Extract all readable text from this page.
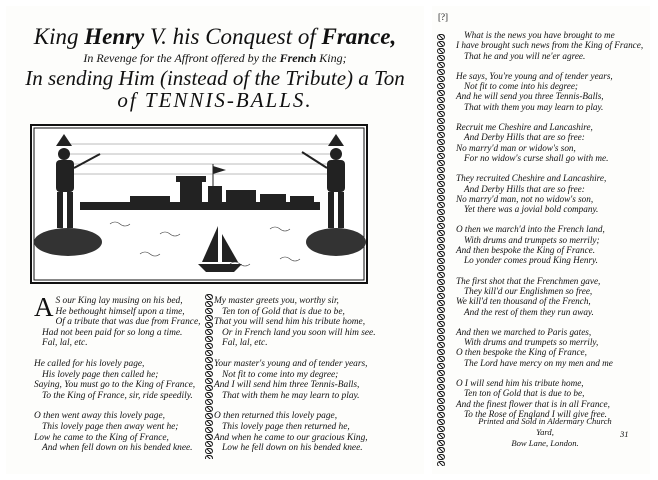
King Henry V. his Conquest of France,
In Revenge for the Affront offered by the French King;
In sending Him (instead of the Tribute) a Ton
of TENNIS-BALLS.
A S our King lay musing on his bed,
He bethought himself upon a time,
Of a tribute that was due from France,
Had not been paid for so long a time.
Fal, lal, etc.
He called for his lovely page,
His lovely page then called he;
Saying, You must go to the King of France,
To the King of France, sir, ride speedily.
O then went away this lovely page,
This lovely page then away went he;
Low he came to the King of France,
And when fell down on his bended knee.
My master greets you, worthy sir,
Ten ton of Gold that is due to be,
That you will send him his tribute home,
Or in French land you soon will him see.
Fal, lal, etc.
Your master's young and of tender years,
Not fit to come into my degree;
And I will send him three Tennis-Balls,
That with them he may learn to play.
O then returned this lovely page,
This lovely page then returned he,
And when he came to our gracious King,
Low he fell down on his bended knee.
[?]
What is the news you have brought to me
I have brought such news from the King of France,
That he and you will ne'er agree.
He says, You're young and of tender years,
Not fit to come into his degree;
And he will send you three Tennis-Balls,
That with them you may learn to play.
Recruit me Cheshire and Lancashire,
And Derby Hills that are so free:
No marry'd man or widow's son,
For no widow's curse shall go with me.
They recruited Cheshire and Lancashire,
And Derby Hills that are so free:
No marry'd man, not no widow's son,
Yet there was a jovial bold company.
O then we march'd into the French land,
With drums and trumpets so merrily;
And then bespoke the King of France.
Lo yonder comes proud King Henry.
The first shot that the Frenchmen gave,
They kill'd our Englishmen so free,
We kill'd ten thousand of the French,
And the rest of them they run away.
And then we marched to Paris gates,
With drums and trumpets so merrily,
O then bespoke the King of France,
The Lord have mercy on my men and me
O I will send him his tribute home,
Ten ton of Gold that is due to be,
And the finest flower that is in all France,
To the Rose of England I will give free.
Printed and Sold in Aldermary Church Yard,
Bow Lane, London.
31
